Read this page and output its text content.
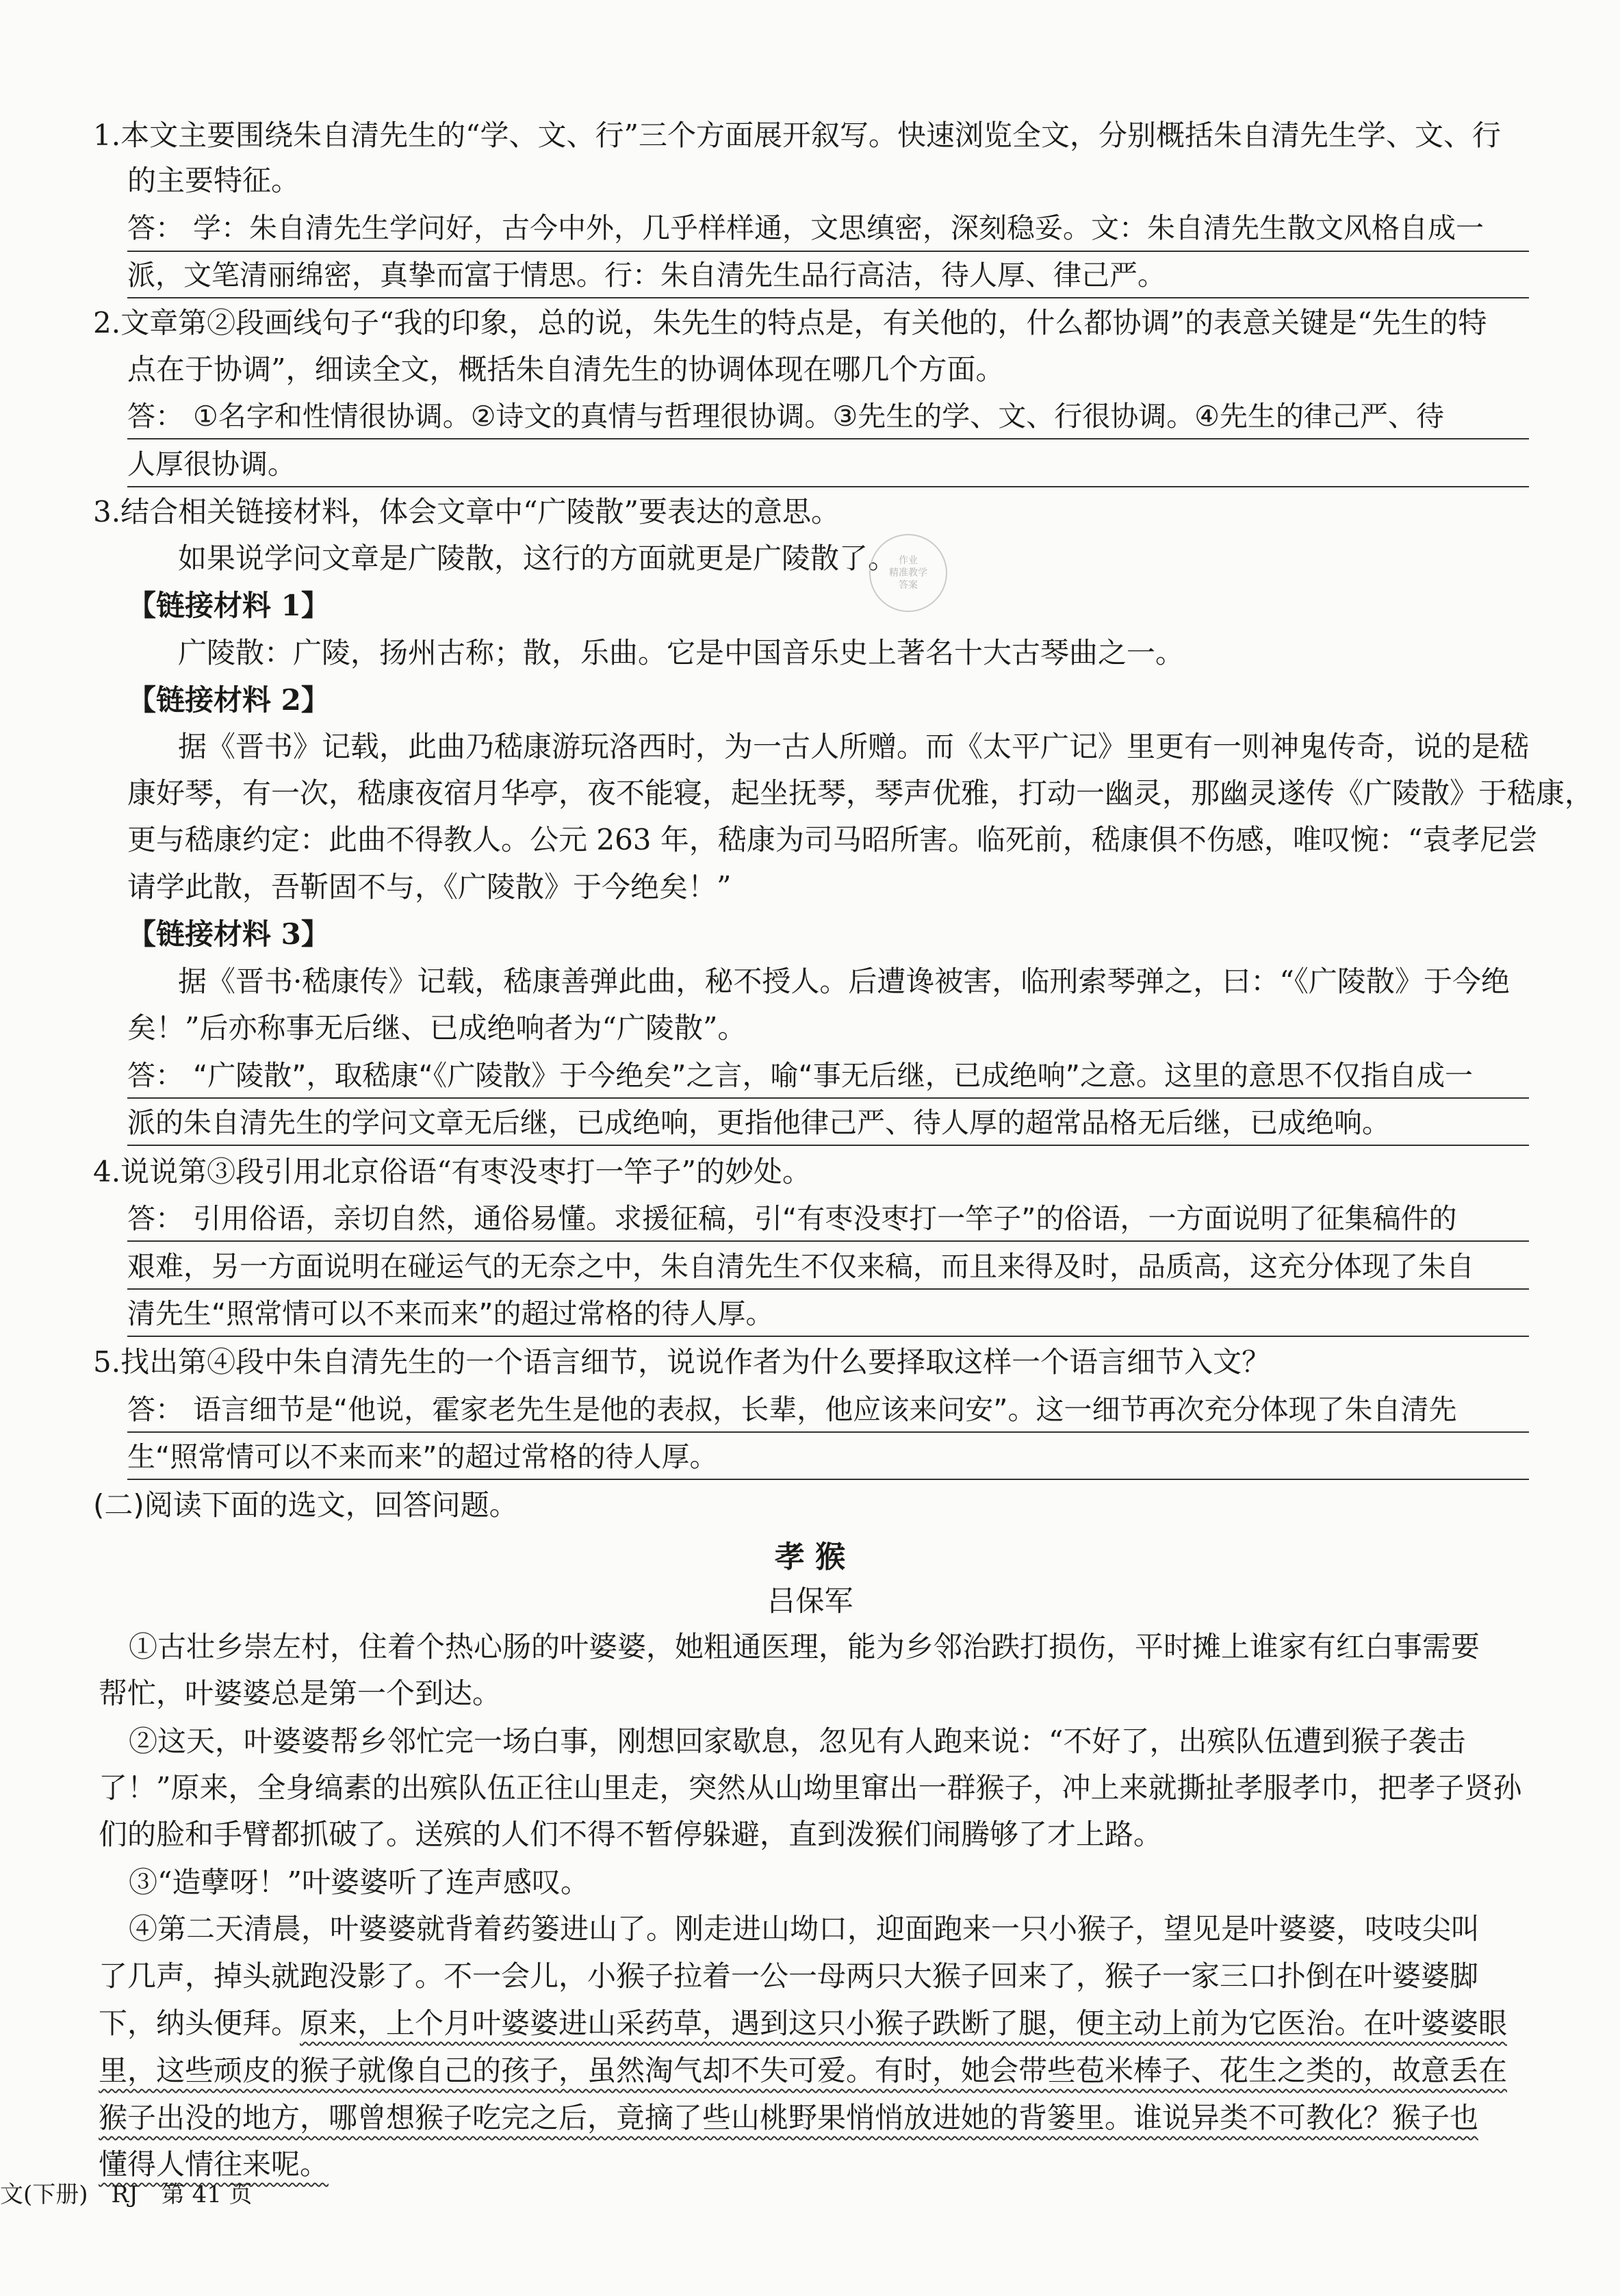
1.本文主要围绕朱自清先生的“学、文、行”三个方面展开叙写。快速浏览全文，分别概括朱自清先生学、文、行
的主要特征。
答： 学：朱自清先生学问好，古今中外，几乎样样通，文思缜密，深刻稳妥。文：朱自清先生散文风格自成一
派，文笔清丽绵密，真挚而富于情思。行：朱自清先生品行高洁，待人厚、律己严。
2.文章第②段画线句子“我的印象，总的说，朱先生的特点是，有关他的，什么都协调”的表意关键是“先生的特
点在于协调”，细读全文，概括朱自清先生的协调体现在哪几个方面。
答： ①名字和性情很协调。②诗文的真情与哲理很协调。③先生的学、文、行很协调。④先生的律己严、待
人厚很协调。
3.结合相关链接材料，体会文章中“广陵散”要表达的意思。
如果说学问文章是广陵散，这行的方面就更是广陵散了。 作业
精准教学
答案
【链接材料 1】
广陵散：广陵，扬州古称；散，乐曲。它是中国音乐史上著名十大古琴曲之一。
【链接材料 2】
据《晋书》记载，此曲乃嵇康游玩洛西时，为一古人所赠。而《太平广记》里更有一则神鬼传奇，说的是嵇
康好琴，有一次，嵇康夜宿月华亭，夜不能寝，起坐抚琴，琴声优雅，打动一幽灵，那幽灵遂传《广陵散》于嵇康，
更与嵇康约定：此曲不得教人。公元 263 年，嵇康为司马昭所害。临死前，嵇康俱不伤感，唯叹惋：“袁孝尼尝
请学此散，吾靳固不与，《广陵散》于今绝矣！”
【链接材料 3】
据《晋书·嵇康传》记载，嵇康善弹此曲，秘不授人。后遭谗被害，临刑索琴弹之，曰：“《广陵散》于今绝
矣！”后亦称事无后继、已成绝响者为“广陵散”。
答： “广陵散”，取嵇康“《广陵散》于今绝矣”之言，喻“事无后继，已成绝响”之意。这里的意思不仅指自成一
派的朱自清先生的学问文章无后继，已成绝响，更指他律己严、待人厚的超常品格无后继，已成绝响。
4.说说第③段引用北京俗语“有枣没枣打一竿子”的妙处。
答： 引用俗语，亲切自然，通俗易懂。求援征稿，引“有枣没枣打一竿子”的俗语，一方面说明了征集稿件的
艰难，另一方面说明在碰运气的无奈之中，朱自清先生不仅来稿，而且来得及时，品质高，这充分体现了朱自
清先生“照常情可以不来而来”的超过常格的待人厚。
5.找出第④段中朱自清先生的一个语言细节，说说作者为什么要择取这样一个语言细节入文？
答： 语言细节是“他说，霍家老先生是他的表叔，长辈，他应该来问安”。这一细节再次充分体现了朱自清先
生“照常情可以不来而来”的超过常格的待人厚。
(二)阅读下面的选文，回答问题。
孝 猴
吕保军
①古壮乡崇左村，住着个热心肠的叶婆婆，她粗通医理，能为乡邻治跌打损伤，平时摊上谁家有红白事需要
帮忙，叶婆婆总是第一个到达。
②这天，叶婆婆帮乡邻忙完一场白事，刚想回家歇息，忽见有人跑来说：“不好了，出殡队伍遭到猴子袭击
了！”原来，全身缟素的出殡队伍正往山里走，突然从山坳里窜出一群猴子，冲上来就撕扯孝服孝巾，把孝子贤孙
们的脸和手臂都抓破了。送殡的人们不得不暂停躲避，直到泼猴们闹腾够了才上路。
③“造孽呀！”叶婆婆听了连声感叹。
④第二天清晨，叶婆婆就背着药篓进山了。刚走进山坳口，迎面跑来一只小猴子，望见是叶婆婆，吱吱尖叫
了几声，掉头就跑没影了。不一会儿，小猴子拉着一公一母两只大猴子回来了，猴子一家三口扑倒在叶婆婆脚
下，纳头便拜。原来，上个月叶婆婆进山采药草，遇到这只小猴子跌断了腿，便主动上前为它医治。在叶婆婆眼
里，这些顽皮的猴子就像自己的孩子，虽然淘气却不失可爱。有时，她会带些苞米棒子、花生之类的，故意丢在
猴子出没的地方，哪曾想猴子吃完之后，竟摘了些山桃野果悄悄放进她的背篓里。谁说异类不可教化？猴子也
懂得人情往来呢。
文(下册)　RJ　第 41 页
